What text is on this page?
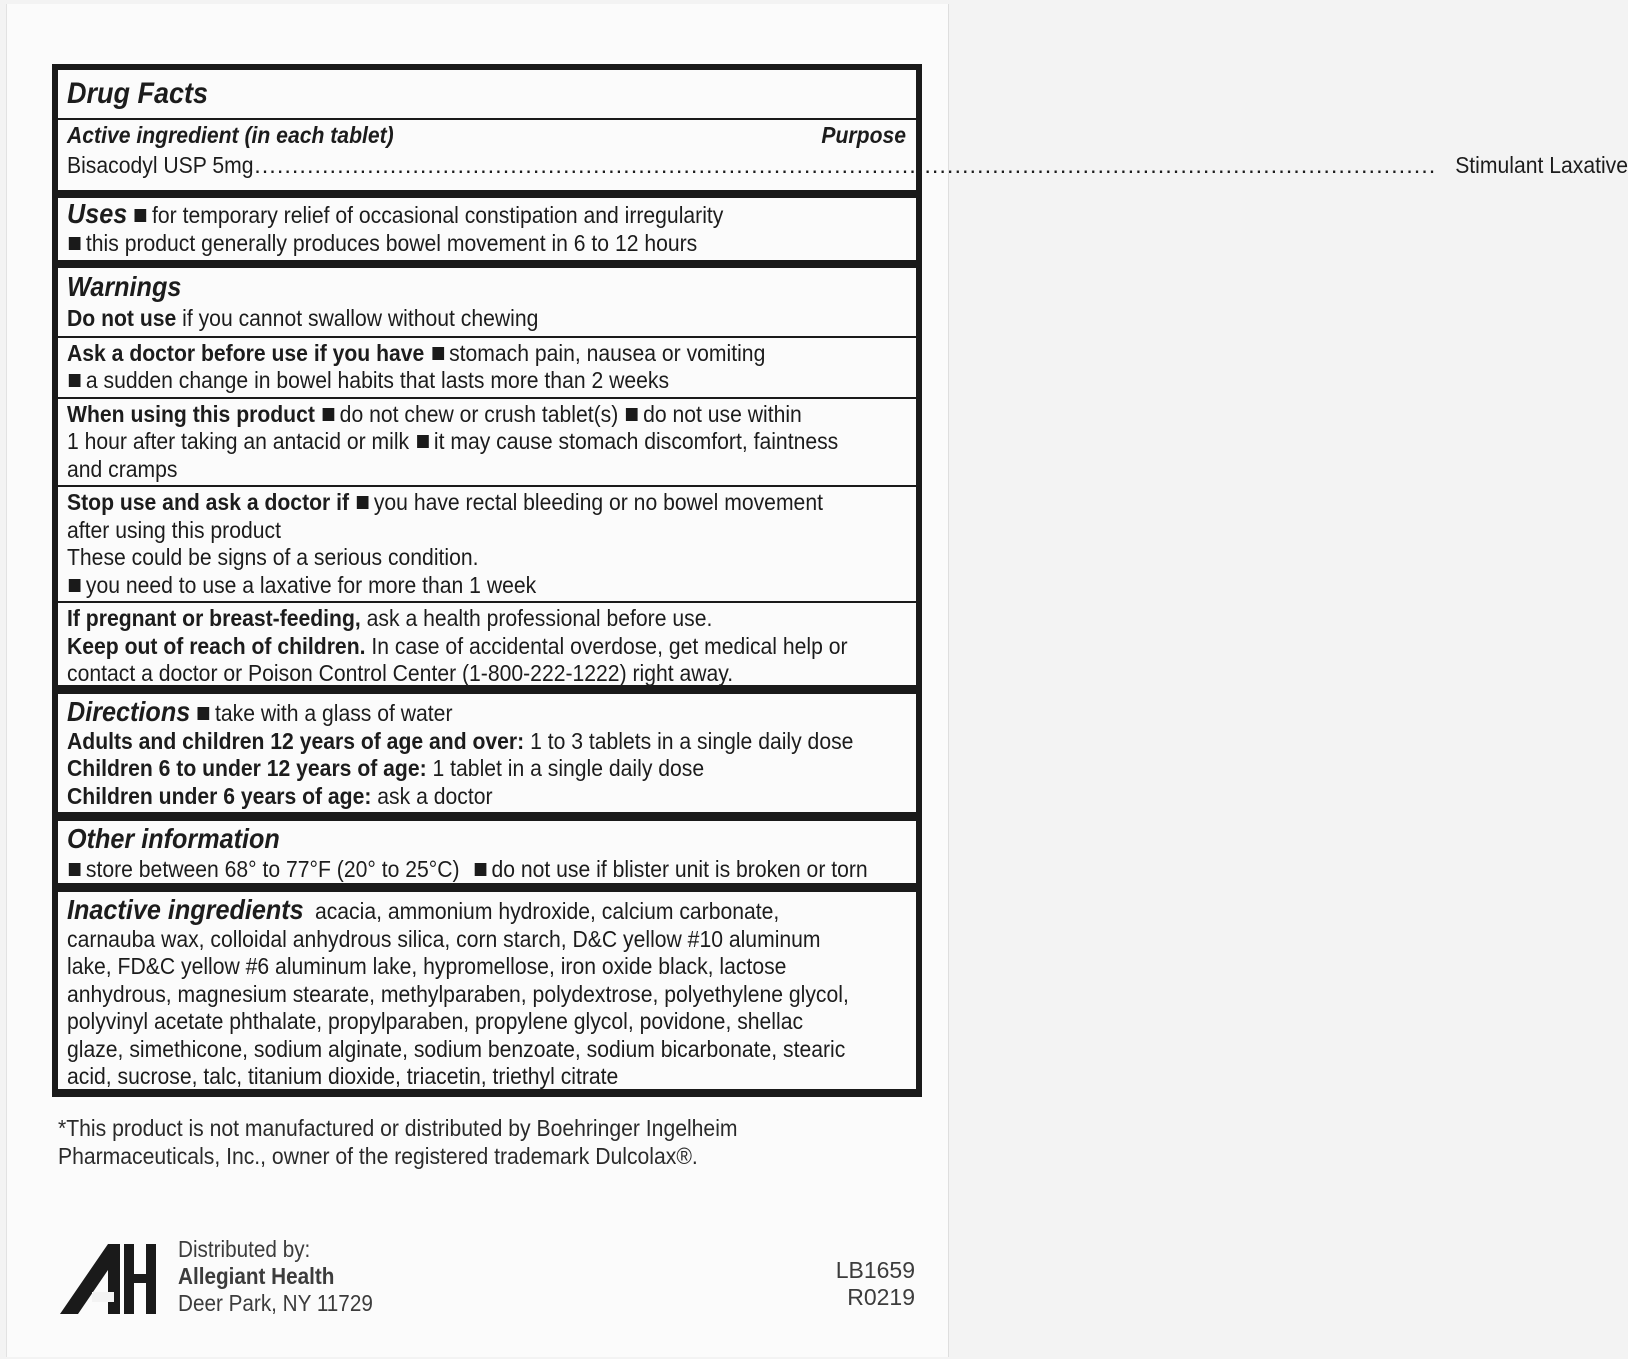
Drug Facts
Active ingredient (in each tablet)	Purpose
Bisacodyl USP 5mg ............................................................................................................................................................. Stimulant Laxative
Uses for temporary relief of occasional constipation and irregularity
this product generally produces bowel movement in 6 to 12 hours
Warnings
Do not use if you cannot swallow without chewing
Ask a doctor before use if you have stomach pain, nausea or vomiting
a sudden change in bowel habits that lasts more than 2 weeks
When using this product do not chew or crush tablet(s) do not use within
1 hour after taking an antacid or milk it may cause stomach discomfort, faintness
and cramps
Stop use and ask a doctor if you have rectal bleeding or no bowel movement
after using this product
These could be signs of a serious condition.
you need to use a laxative for more than 1 week
If pregnant or breast-feeding, ask a health professional before use.
Keep out of reach of children. In case of accidental overdose, get medical help or
contact a doctor or Poison Control Center (1-800-222-1222) right away.
Directions take with a glass of water
Adults and children 12 years of age and over: 1 to 3 tablets in a single daily dose
Children 6 to under 12 years of age: 1 tablet in a single daily dose
Children under 6 years of age: ask a doctor
Other information
store between 68° to 77°F (20° to 25°C) do not use if blister unit is broken or torn
Inactive ingredients acacia, ammonium hydroxide, calcium carbonate,
carnauba wax, colloidal anhydrous silica, corn starch, D&C yellow #10 aluminum
lake, FD&C yellow #6 aluminum lake, hypromellose, iron oxide black, lactose
anhydrous, magnesium stearate, methylparaben, polydextrose, polyethylene glycol,
polyvinyl acetate phthalate, propylparaben, propylene glycol, povidone, shellac
glaze, simethicone, sodium alginate, sodium benzoate, sodium bicarbonate, stearic
acid, sucrose, talc, titanium dioxide, triacetin, triethyl citrate
*This product is not manufactured or distributed by Boehringer Ingelheim
Pharmaceuticals, Inc., owner of the registered trademark Dulcolax®.
Distributed by:
Allegiant Health
Deer Park, NY 11729
LB1659
R0219
